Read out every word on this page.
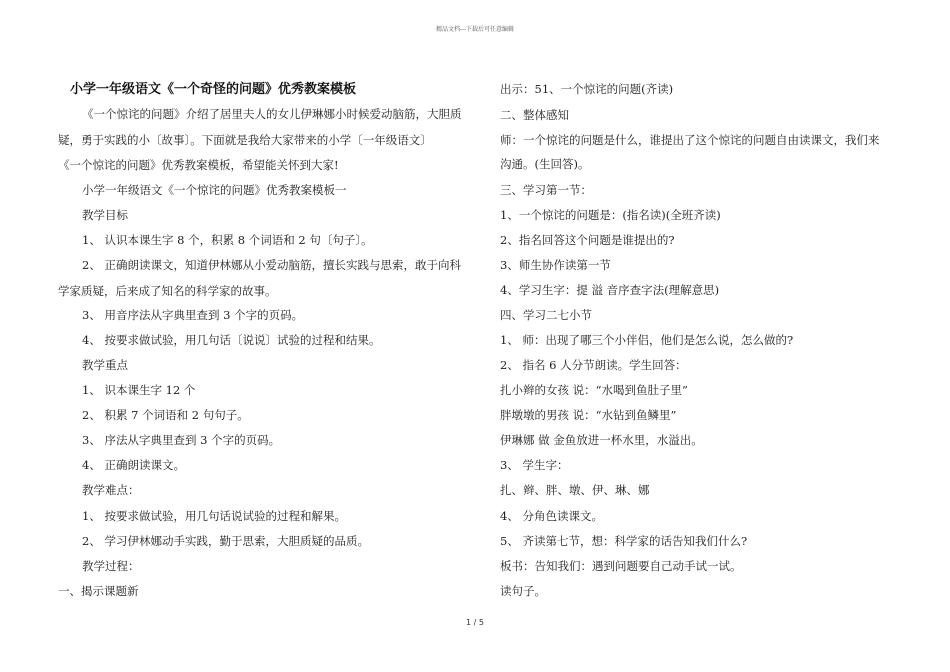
精品文档---下载后可任意编辑
小学一年级语文《一个奇怪的问题》优秀教案模板
《一个惊诧的问题》介绍了居里夫人的女儿伊琳娜小时候爱动脑筋，大胆质
疑，勇于实践的小〔故事〕。下面就是我给大家带来的小学〔一年级语文〕
《一个惊诧的问题》优秀教案模板，希望能关怀到大家!
小学一年级语文《一个惊诧的问题》优秀教案模板一
教学目标
1、 认识本课生字 8 个，积累 8 个词语和 2 句〔句子〕。
2、 正确朗读课文，知道伊林娜从小爱动脑筋，擅长实践与思索，敢于向科
学家质疑，后来成了知名的科学家的故事。
3、 用音序法从字典里查到 3 个字的页码。
4、 按要求做试验，用几句话〔说说〕试验的过程和结果。
教学重点
1、 识本课生字 12 个
2、 积累 7 个词语和 2 句句子。
3、 序法从字典里查到 3 个字的页码。
4、 正确朗读课文。
教学难点：
1、 按要求做试验，用几句话说试验的过程和解果。
2、 学习伊林娜动手实践，勤于思索，大胆质疑的品质。
教学过程：
一、揭示课题新
出示：51、一个惊诧的问题(齐读)
二、整体感知
师：一个惊诧的问题是什么，谁提出了这个惊诧的问题自由读课文，我们来
沟通。(生回答)。
三、学习第一节：
1、一个惊诧的问题是：(指名读)(全班齐读)
2、指名回答这个问题是谁提出的?
3、师生协作读第一节
4、学习生字：提 溢 音序查字法(理解意思)
四、学习二七小节
1、 师：出现了哪三个小伴侣，他们是怎么说，怎么做的?
2、 指名 6 人分节朗读。学生回答：
扎小辫的女孩 说：“水喝到鱼肚子里”
胖墩墩的男孩 说：“水钻到鱼鳞里”
伊琳娜 做 金鱼放进一杯水里，水溢出。
3、 学生字：
扎、辫、胖、墩、伊、琳、娜
4、 分角色读课文。
5、 齐读第七节，想：科学家的话告知我们什么?
板书：告知我们：遇到问题要自己动手试一试。
读句子。
1 / 5
